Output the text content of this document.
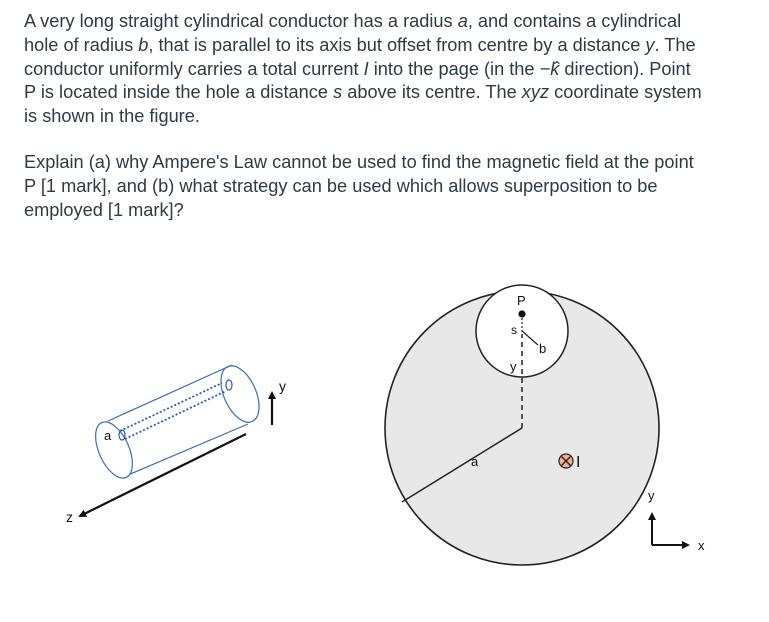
A very long straight cylindrical conductor has a radius a, and contains a cylindrical
hole of radius b, that is parallel to its axis but offset from centre by a distance y. The
conductor uniformly carries a total current I into the page (in the −k̂ direction). Point
P is located inside the hole a distance s above its centre. The xyz coordinate system
is shown in the figure.

Explain (a) why Ampere's Law cannot be used to find the magnetic field at the point
P [1 mark], and (b) what strategy can be used which allows superposition to be
employed [1 mark]?

a
y
z
a
y
s
P
b
I
y
x
